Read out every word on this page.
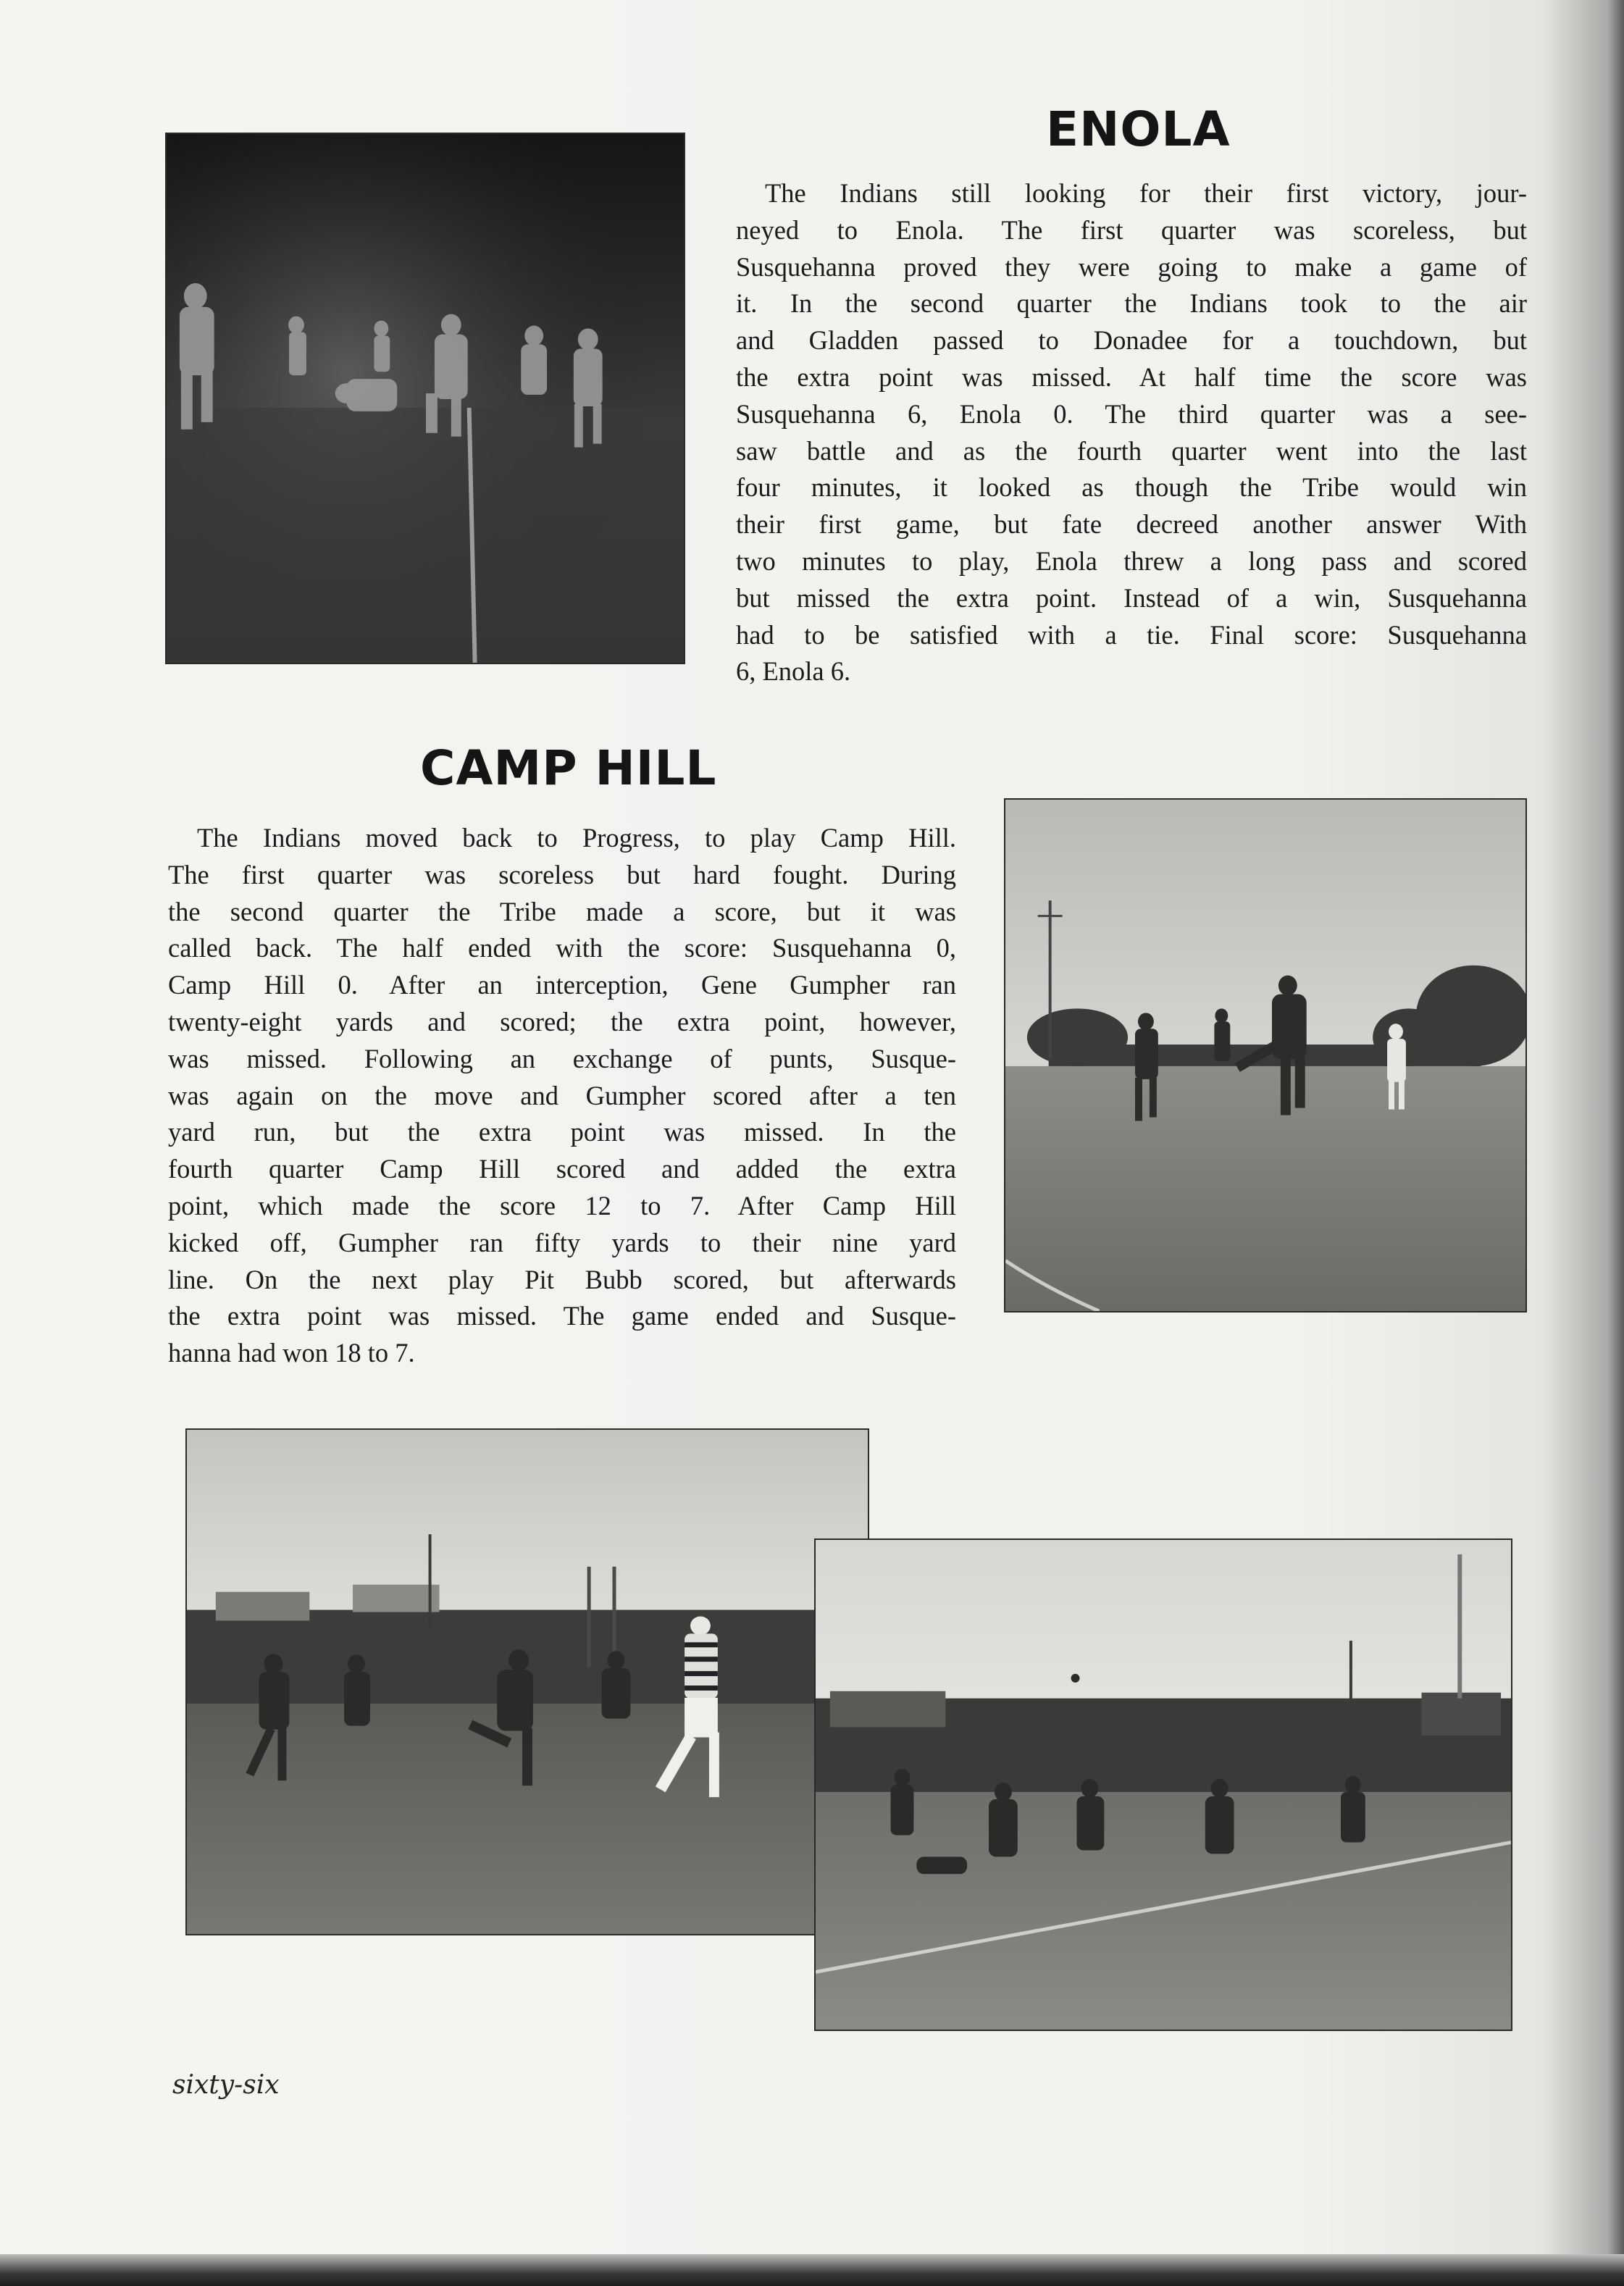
ENOLA
The Indians still looking for their first victory, jour-
neyed to Enola. The first quarter was scoreless, but
Susquehanna proved they were going to make a game of
it. In the second quarter the Indians took to the air
and Gladden passed to Donadee for a touchdown, but
the extra point was missed. At half time the score was
Susquehanna 6, Enola 0. The third quarter was a see-
saw battle and as the fourth quarter went into the last
four minutes, it looked as though the Tribe would win
their first game, but fate decreed another answer With
two minutes to play, Enola threw a long pass and scored
but missed the extra point. Instead of a win, Susquehanna
had to be satisfied with a tie. Final score: Susquehanna
6, Enola 6.
CAMP HILL
The Indians moved back to Progress, to play Camp Hill.
The first quarter was scoreless but hard fought. During
the second quarter the Tribe made a score, but it was
called back. The half ended with the score: Susquehanna 0,
Camp Hill 0. After an interception, Gene Gumpher ran
twenty-eight yards and scored; the extra point, however,
was missed. Following an exchange of punts, Susque-
was again on the move and Gumpher scored after a ten
yard run, but the extra point was missed. In the
fourth quarter Camp Hill scored and added the extra
point, which made the score 12 to 7. After Camp Hill
kicked off, Gumpher ran fifty yards to their nine yard
line. On the next play Pit Bubb scored, but afterwards
the extra point was missed. The game ended and Susque-
hanna had won 18 to 7.

sixty-six
